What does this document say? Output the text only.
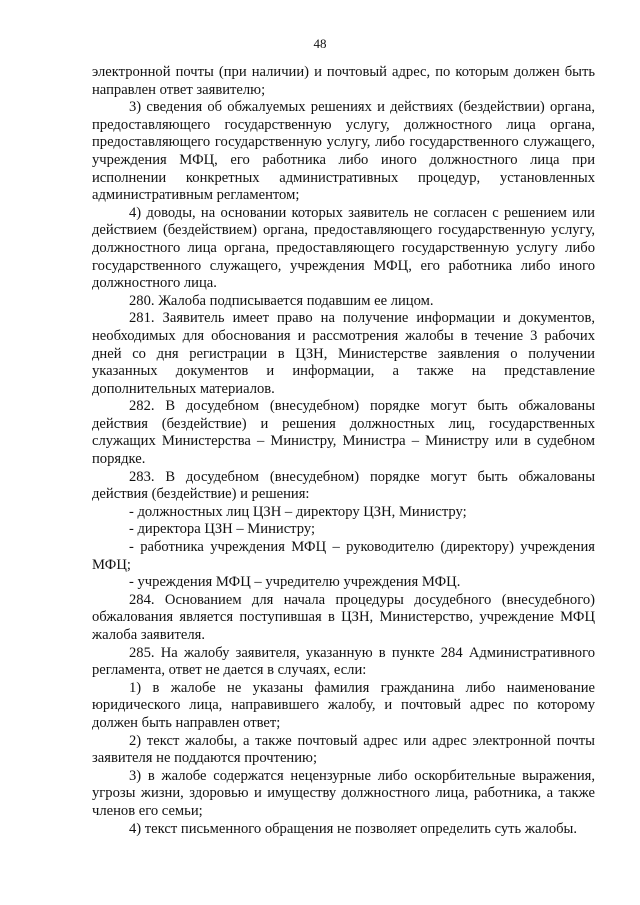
48

электронной почты (при наличии) и почтовый адрес, по которым должен быть направлен ответ заявителю;

3) сведения об обжалуемых решениях и действиях (бездействии) органа, предоставляющего государственную услугу, должностного лица органа, предоставляющего государственную услугу, либо государственного служащего, учреждения МФЦ, его работника либо иного должностного лица при исполнении конкретных административных процедур, установленных административным регламентом;

4) доводы, на основании которых заявитель не согласен с решением или действием (бездействием) органа, предоставляющего государственную услугу, должностного лица органа, предоставляющего государственную услугу либо государственного служащего, учреждения МФЦ, его работника либо иного должностного лица.

280. Жалоба подписывается подавшим ее лицом.

281. Заявитель имеет право на получение информации и документов, необходимых для обоснования и рассмотрения жалобы в течение 3 рабочих дней со дня регистрации в ЦЗН, Министерстве заявления о получении указанных документов и информации, а также на представление дополнительных материалов.

282. В досудебном (внесудебном) порядке могут быть обжалованы действия (бездействие) и решения должностных лиц, государственных служащих Министерства – Министру, Министра – Министру или в судебном порядке.

283. В досудебном (внесудебном) порядке могут быть обжалованы действия (бездействие) и решения:

- должностных лиц ЦЗН – директору ЦЗН, Министру;

- директора ЦЗН – Министру;

- работника учреждения МФЦ – руководителю (директору) учреждения МФЦ;

- учреждения МФЦ – учредителю учреждения МФЦ.

284. Основанием для начала процедуры досудебного (внесудебного) обжалования является поступившая в ЦЗН, Министерство, учреждение МФЦ жалоба заявителя.

285. На жалобу заявителя, указанную в пункте 284 Административного регламента, ответ не дается в случаях, если:

1) в жалобе не указаны фамилия гражданина либо наименование юридического лица, направившего жалобу, и почтовый адрес по которому должен быть направлен ответ;

2) текст жалобы, а также почтовый адрес или адрес электронной почты заявителя не поддаются прочтению;

3) в жалобе содержатся нецензурные либо оскорбительные выражения, угрозы жизни, здоровью и имуществу должностного лица, работника, а также членов его семьи;

4) текст письменного обращения не позволяет определить суть жалобы.
